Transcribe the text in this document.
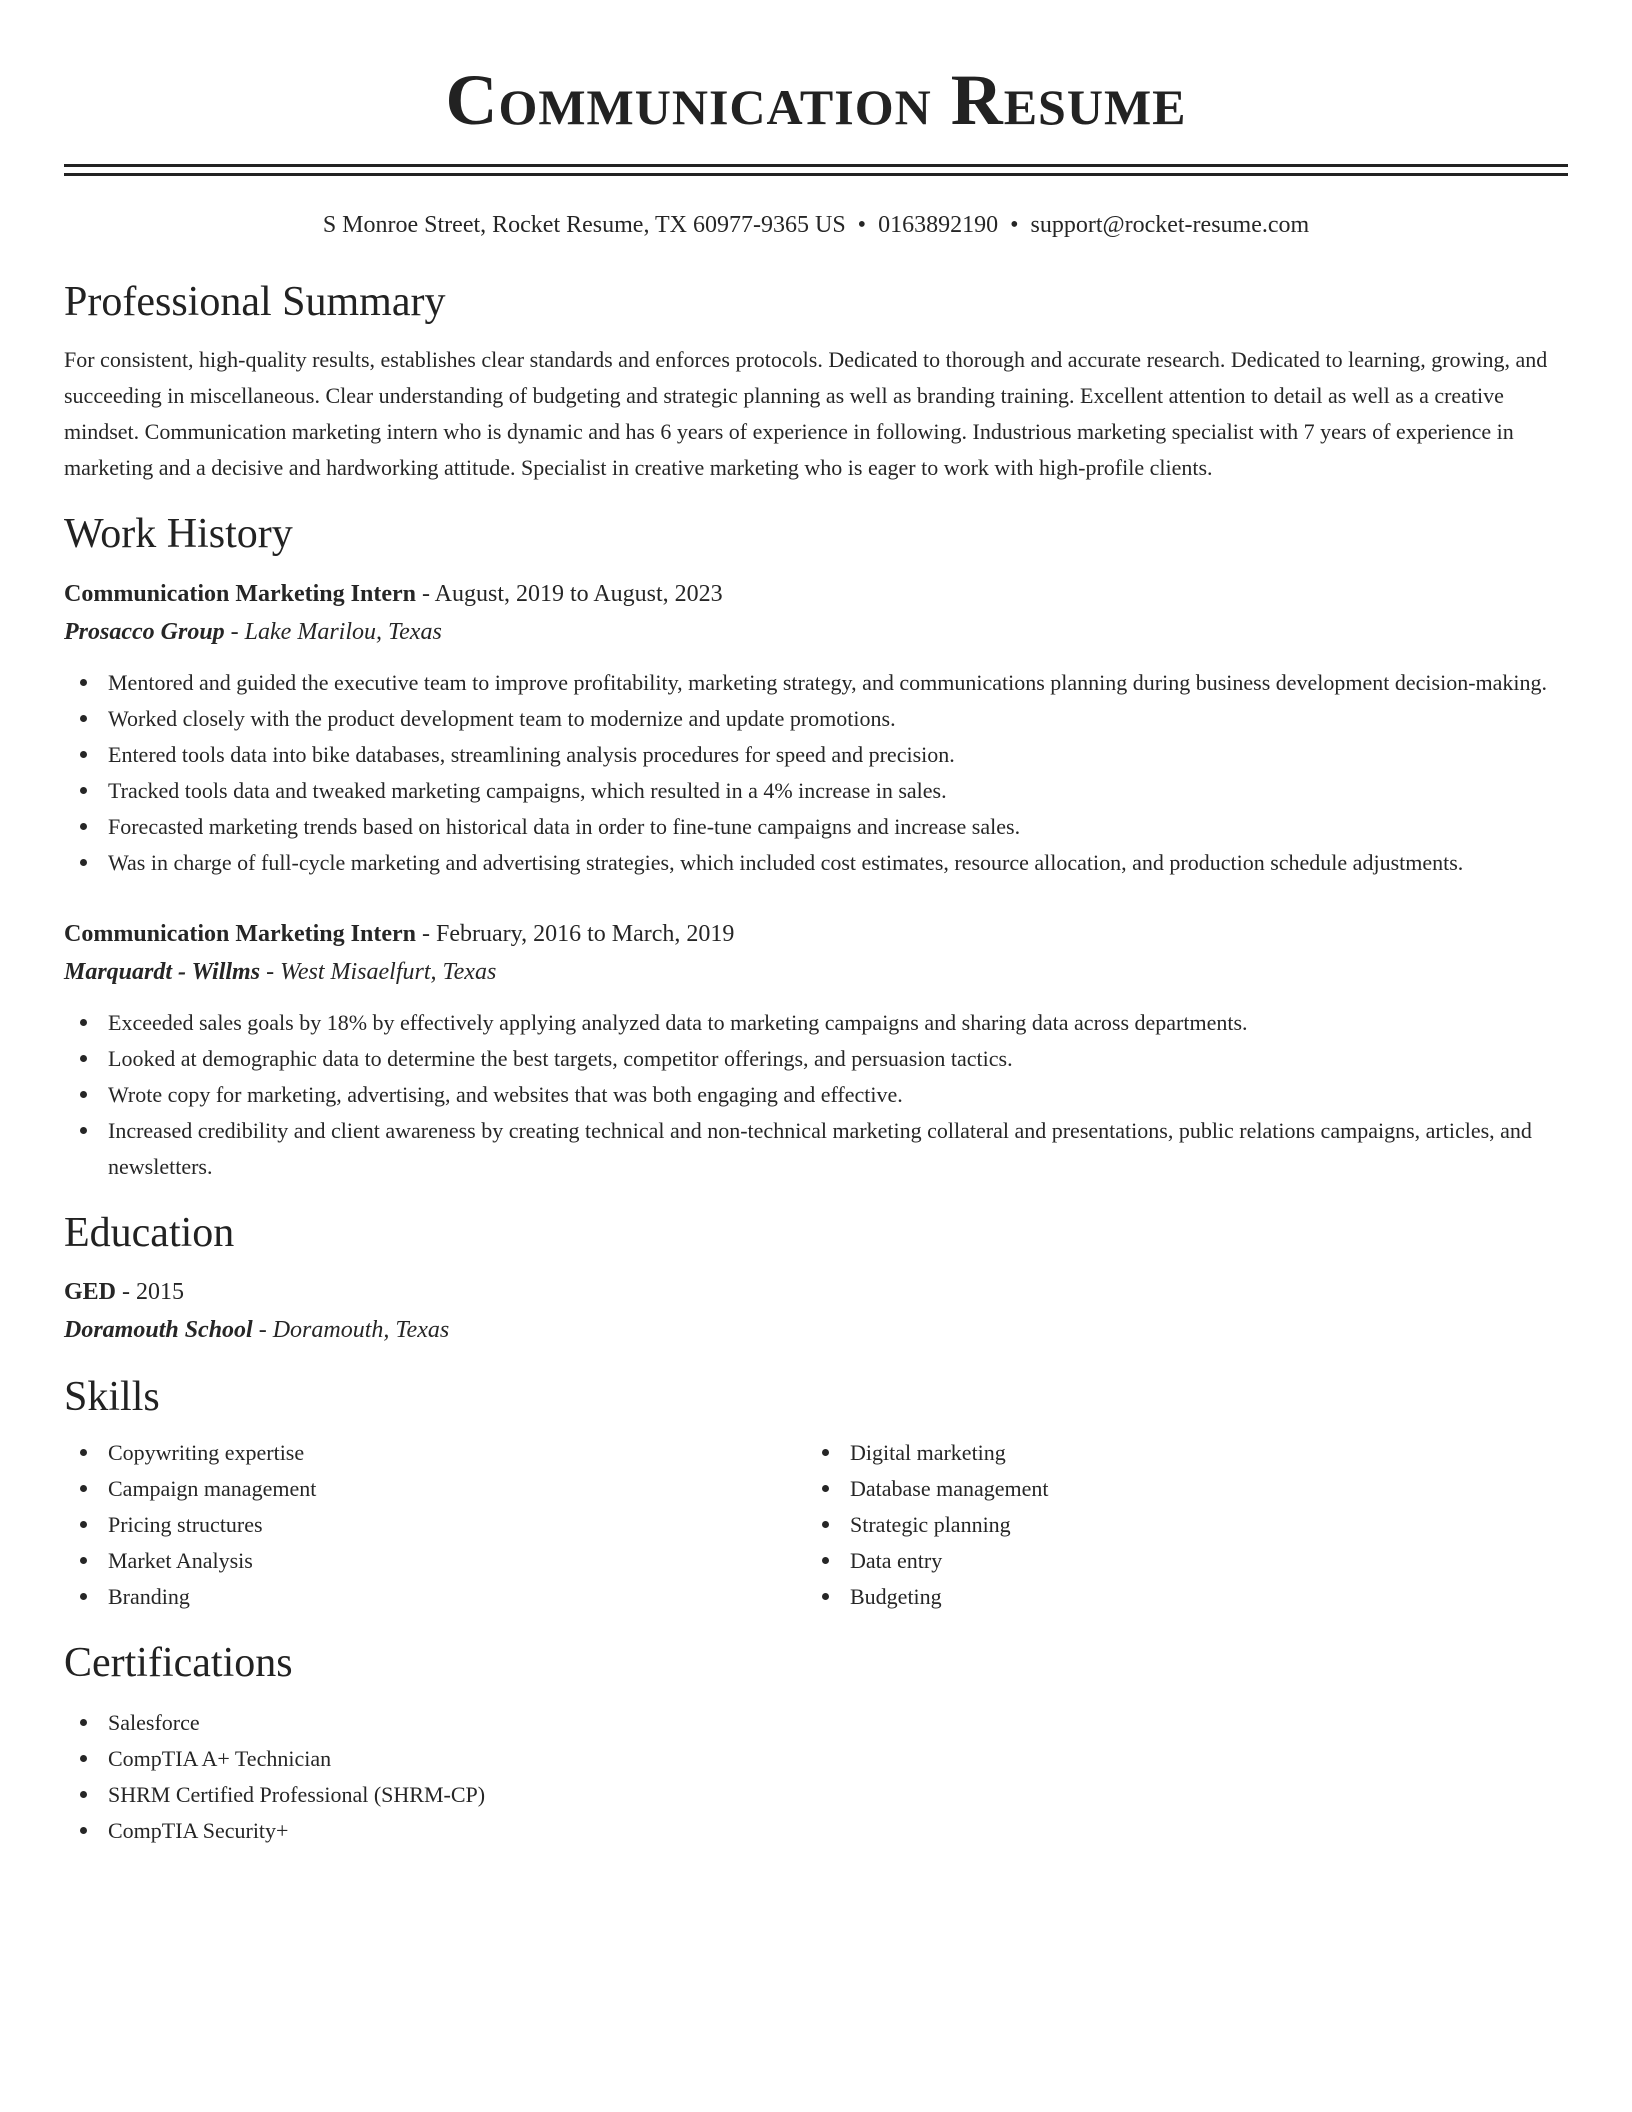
Communication Resume
S Monroe Street, Rocket Resume, TX 60977-9365 US • 0163892190 • support@rocket-resume.com
Professional Summary

For consistent, high-quality results, establishes clear standards and enforces protocols. Dedicated to thorough and accurate research. Dedicated to learning, growing, and succeeding in miscellaneous. Clear understanding of budgeting and strategic planning as well as branding training. Excellent attention to detail as well as a creative mindset. Communication marketing intern who is dynamic and has 6 years of experience in following. Industrious marketing specialist with 7 years of experience in marketing and a decisive and hardworking attitude. Specialist in creative marketing who is eager to work with high-profile clients.

Work History

Communication Marketing Intern - August, 2019 to August, 2023

Prosacco Group - Lake Marilou, Texas

Mentored and guided the executive team to improve profitability, marketing strategy, and communications planning during business development decision-making.
Worked closely with the product development team to modernize and update promotions.
Entered tools data into bike databases, streamlining analysis procedures for speed and precision.
Tracked tools data and tweaked marketing campaigns, which resulted in a 4% increase in sales.
Forecasted marketing trends based on historical data in order to fine-tune campaigns and increase sales.
Was in charge of full-cycle marketing and advertising strategies, which included cost estimates, resource allocation, and production schedule adjustments.

Communication Marketing Intern - February, 2016 to March, 2019

Marquardt - Willms - West Misaelfurt, Texas

Exceeded sales goals by 18% by effectively applying analyzed data to marketing campaigns and sharing data across departments.
Looked at demographic data to determine the best targets, competitor offerings, and persuasion tactics.
Wrote copy for marketing, advertising, and websites that was both engaging and effective.
Increased credibility and client awareness by creating technical and non-technical marketing collateral and presentations, public relations campaigns, articles, and newsletters.
Education

GED - 2015

Doramouth School - Doramouth, Texas

Skills
Copywriting expertise
Campaign management
Pricing structures
Market Analysis
Branding
Digital marketing
Database management
Strategic planning
Data entry
Budgeting
Certifications
Salesforce
CompTIA A+ Technician
SHRM Certified Professional (SHRM-CP)
CompTIA Security+
